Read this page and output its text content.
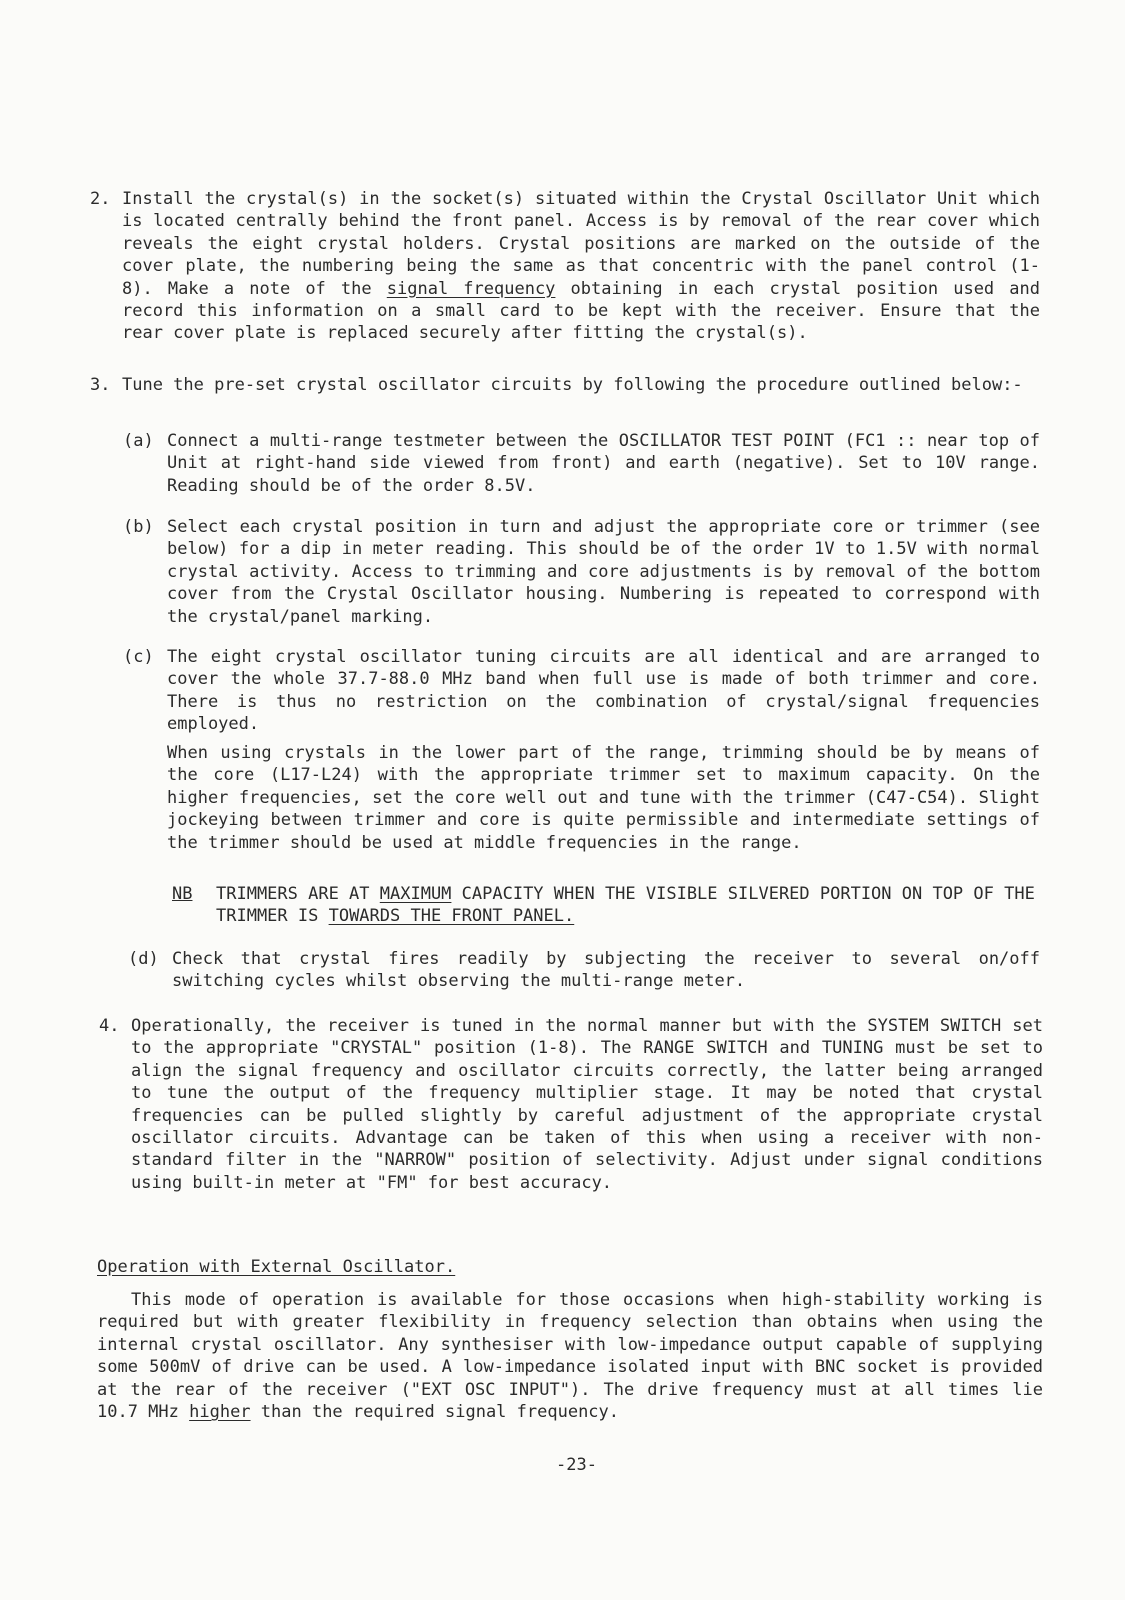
2. Install the crystal(s) in the socket(s) situated within the Crystal Oscillator Unit which is located centrally behind the front panel. Access is by removal of the rear cover which reveals the eight crystal holders. Crystal positions are marked on the outside of the cover plate, the numbering being the same as that concentric with the panel control (1-8). Make a note of the signal frequency obtaining in each crystal position used and record this information on a small card to be kept with the receiver. Ensure that the rear cover plate is replaced securely after fitting the crystal(s).
3. Tune the pre-set crystal oscillator circuits by following the procedure outlined below:-
(a) Connect a multi-range testmeter between the OSCILLATOR TEST POINT (FC1 :: near top of Unit at right-hand side viewed from front) and earth (negative). Set to 10V range. Reading should be of the order 8.5V.
(b) Select each crystal position in turn and adjust the appropriate core or trimmer (see below) for a dip in meter reading. This should be of the order 1V to 1.5V with normal crystal activity. Access to trimming and core adjustments is by removal of the bottom cover from the Crystal Oscillator housing. Numbering is repeated to correspond with the crystal/panel marking.
(c) The eight crystal oscillator tuning circuits are all identical and are arranged to cover the whole 37.7-88.0 MHz band when full use is made of both trimmer and core. There is thus no restriction on the combination of crystal/signal frequencies employed.
When using crystals in the lower part of the range, trimming should be by means of the core (L17-L24) with the appropriate trimmer set to maximum capacity. On the higher frequencies, set the core well out and tune with the trimmer (C47-C54). Slight jockeying between trimmer and core is quite permissible and intermediate settings of the trimmer should be used at middle frequencies in the range.
NB TRIMMERS ARE AT MAXIMUM CAPACITY WHEN THE VISIBLE SILVERED PORTION ON TOP OF THE TRIMMER IS TOWARDS THE FRONT PANEL.
(d) Check that crystal fires readily by subjecting the receiver to several on/off switching cycles whilst observing the multi-range meter.
4. Operationally, the receiver is tuned in the normal manner but with the SYSTEM SWITCH set to the appropriate "CRYSTAL" position (1-8). The RANGE SWITCH and TUNING must be set to align the signal frequency and oscillator circuits correctly, the latter being arranged to tune the output of the frequency multiplier stage. It may be noted that crystal frequencies can be pulled slightly by careful adjustment of the appropriate crystal oscillator circuits. Advantage can be taken of this when using a receiver with non-standard filter in the "NARROW" position of selectivity. Adjust under signal conditions using built-in meter at "FM" for best accuracy.
Operation with External Oscillator.
This mode of operation is available for those occasions when high-stability working is required but with greater flexibility in frequency selection than obtains when using the internal crystal oscillator. Any synthesiser with low-impedance output capable of supplying some 500mV of drive can be used. A low-impedance isolated input with BNC socket is provided at the rear of the receiver ("EXT OSC INPUT"). The drive frequency must at all times lie 10.7 MHz higher than the required signal frequency.
-23-
